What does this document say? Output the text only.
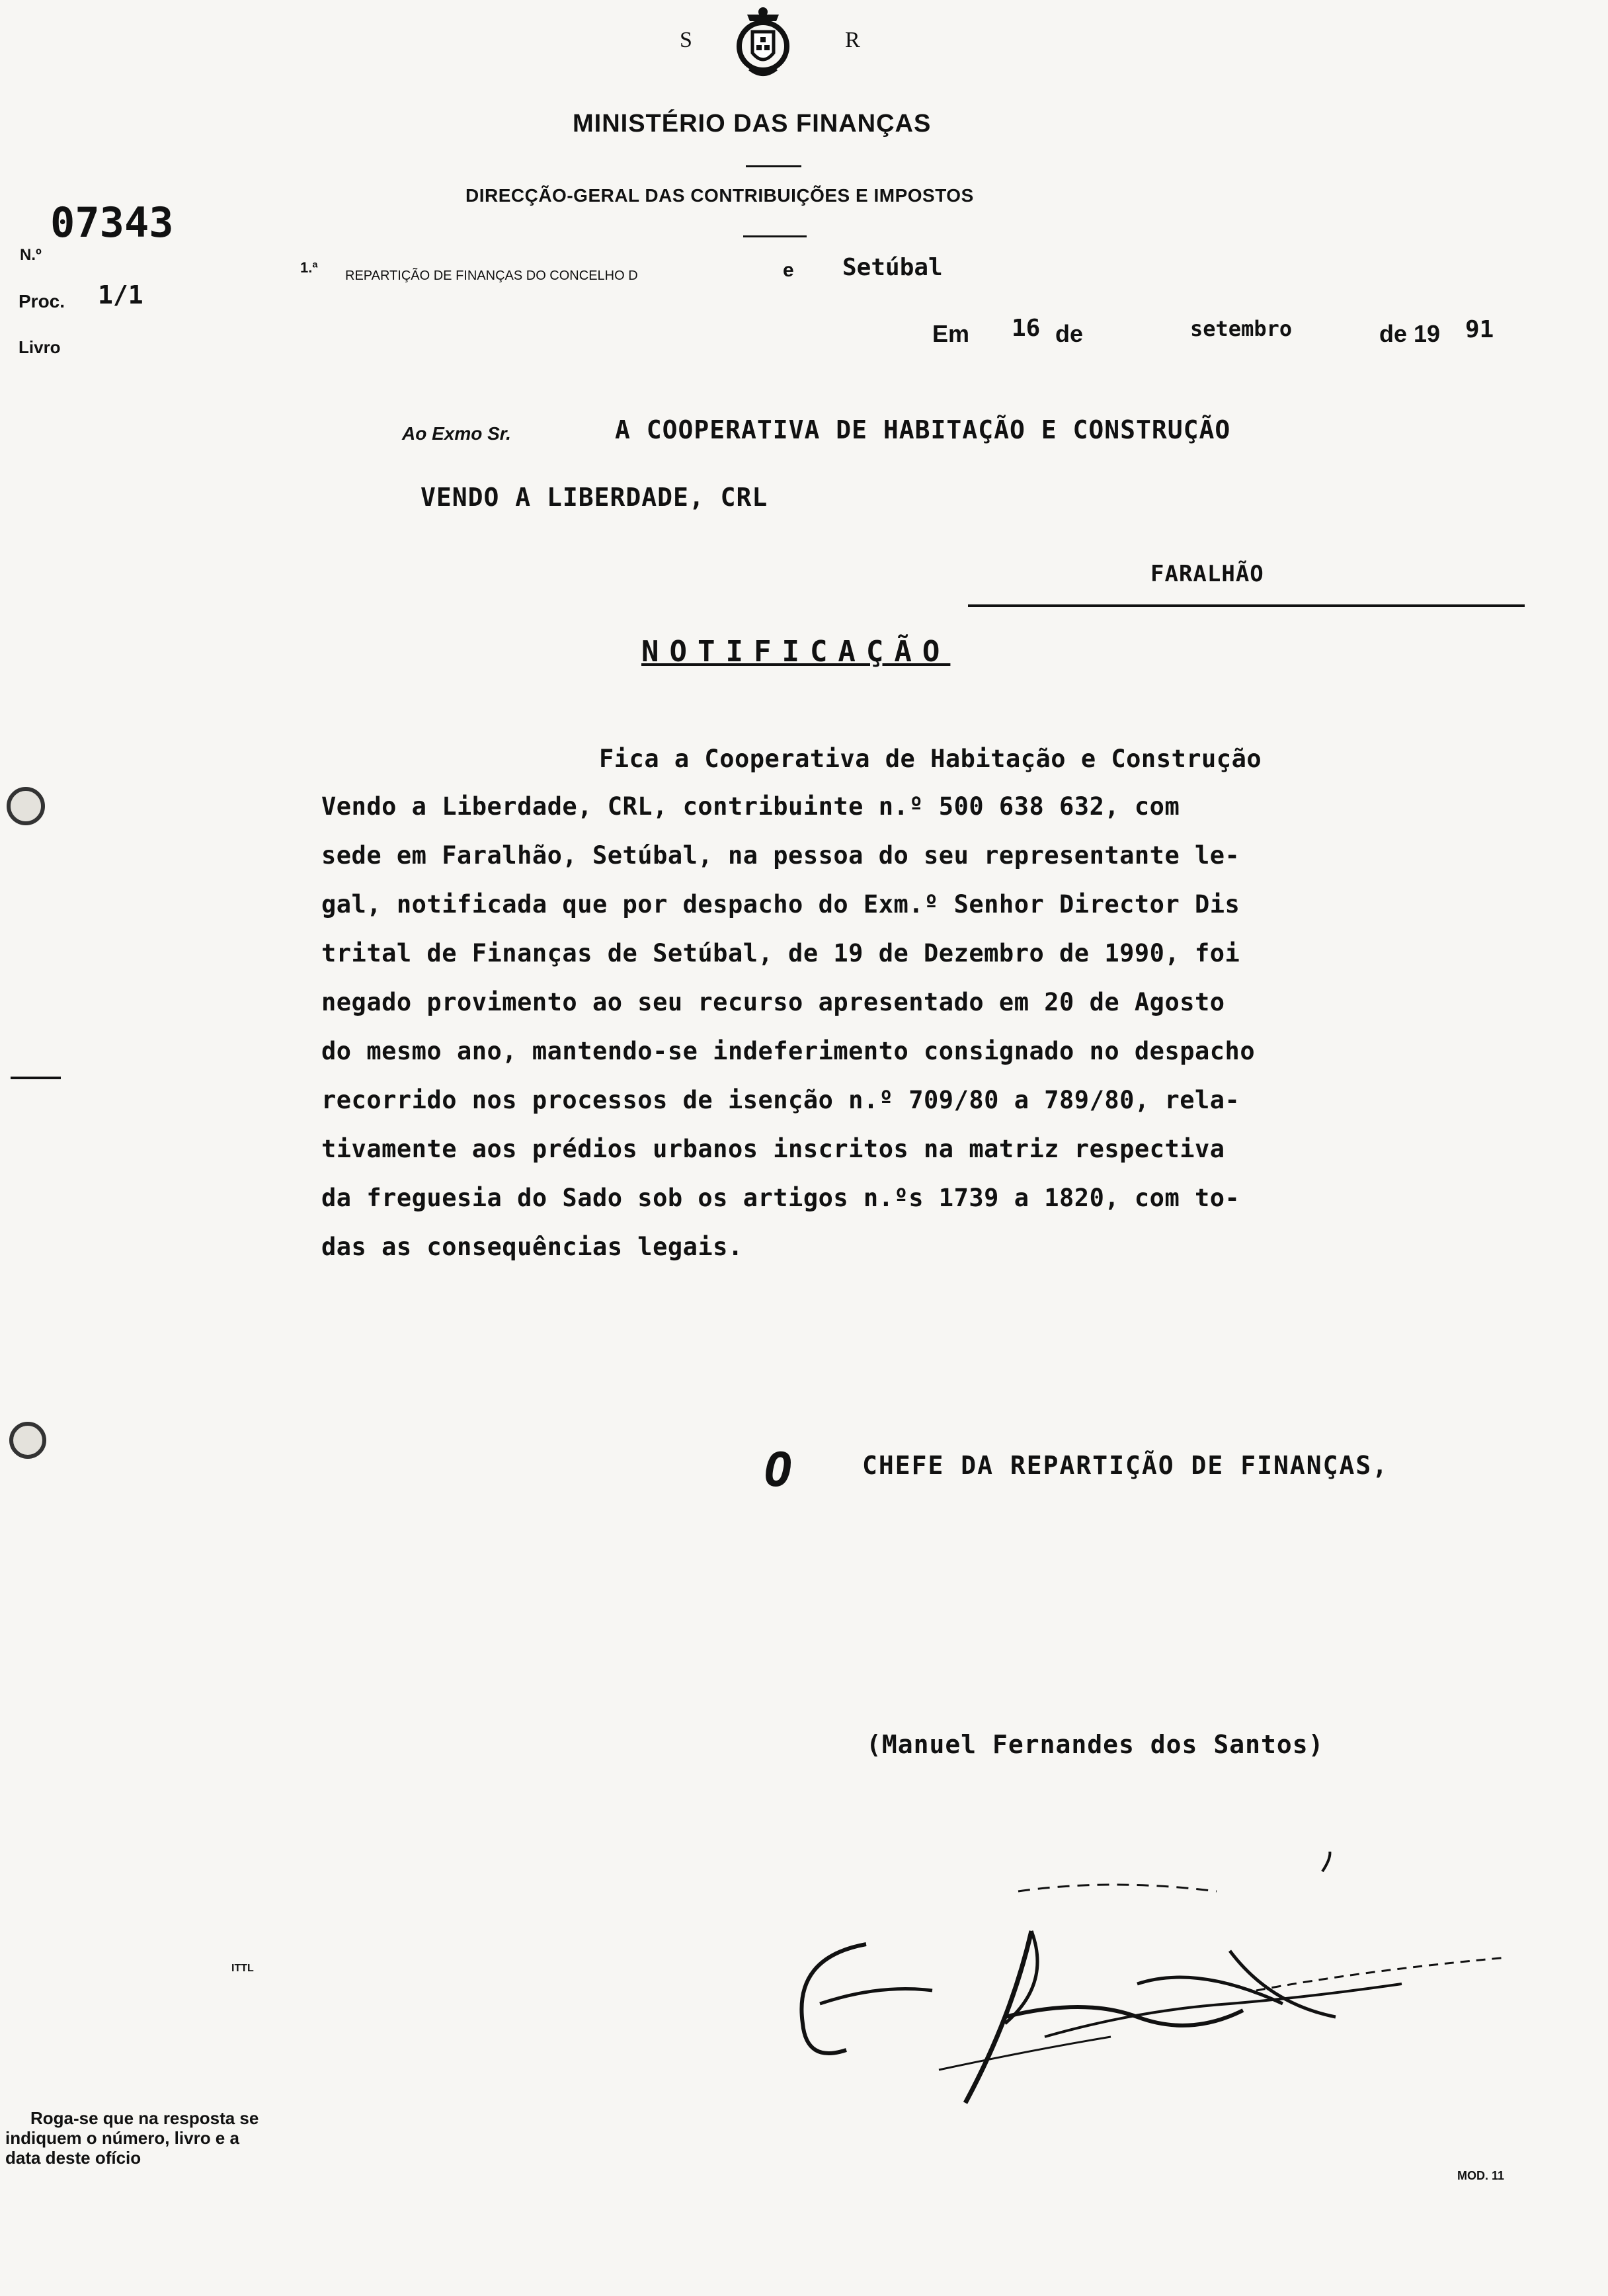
S	R
MINISTÉRIO DAS FINANÇAS
DIRECÇÃO-GERAL DAS CONTRIBUIÇÕES E IMPOSTOS
N.º
07343
Proc. 1/1
Livro
1.ª REPARTIÇÃO DE FINANÇAS DO CONCELHO D	e Setúbal
Em 16 de	setembro	de 19 91
Ao Exmo Sr.	A COOPERATIVA DE HABITAÇÃO E CONSTRUÇÃO
VENDO A LIBERDADE, CRL
FARALHÃO
NOTIFICAÇÃO
Fica a Cooperativa de Habitação e Construção
Vendo a Liberdade, CRL, contribuinte n.º 500 638 632, com
sede em Faralhão, Setúbal, na pessoa do seu representante le-
gal, notificada que por despacho do Exm.º Senhor Director Dis
trital de Finanças de Setúbal, de 19 de Dezembro de 1990, foi
negado provimento ao seu recurso apresentado em 20 de Agosto
do mesmo ano, mantendo-se indeferimento consignado no despacho
recorrido nos processos de isenção n.º 709/80 a 789/80, rela-
tivamente aos prédios urbanos inscritos na matriz respectiva
da freguesia do Sado sob os artigos n.ºs 1739 a 1820, com to-
das as consequências legais.
O	CHEFE DA REPARTIÇÃO DE FINANÇAS,
(Manuel Fernandes dos Santos)
Roga-se que na resposta se
indiquem o número, livro e a
data deste ofício
ITTL
MOD. 11
